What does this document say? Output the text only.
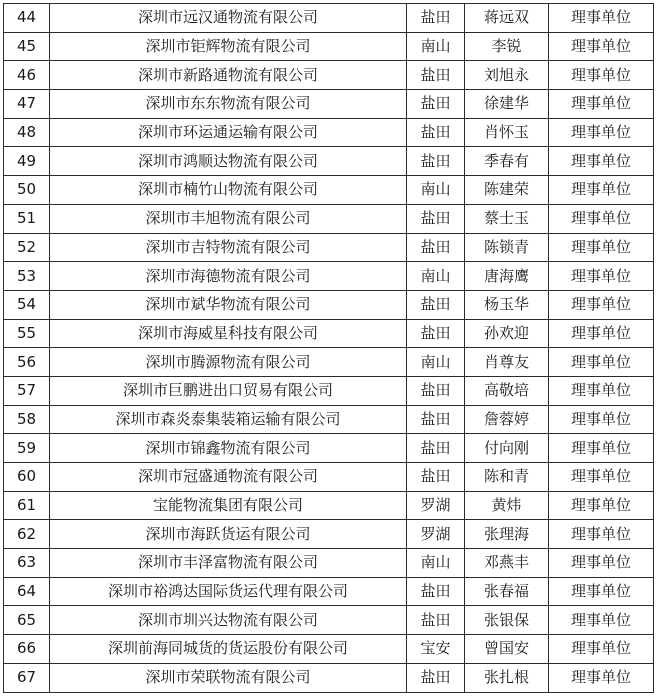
44	深圳市远汉通物流有限公司	盐田	蒋远双	理事单位
45	深圳市钜辉物流有限公司	南山	李锐	理事单位
46	深圳市新路通物流有限公司	盐田	刘旭永	理事单位
47	深圳市东东物流有限公司	盐田	徐建华	理事单位
48	深圳市环运通运输有限公司	盐田	肖怀玉	理事单位
49	深圳市鸿顺达物流有限公司	盐田	季春有	理事单位
50	深圳市楠竹山物流有限公司	南山	陈建荣	理事单位
51	深圳市丰旭物流有限公司	盐田	蔡士玉	理事单位
52	深圳市吉特物流有限公司	盐田	陈锁青	理事单位
53	深圳市海德物流有限公司	南山	唐海鹰	理事单位
54	深圳市斌华物流有限公司	盐田	杨玉华	理事单位
55	深圳市海威星科技有限公司	盐田	孙欢迎	理事单位
56	深圳市腾源物流有限公司	南山	肖尊友	理事单位
57	深圳市巨鹏进出口贸易有限公司	盐田	高敬培	理事单位
58	深圳市森炎泰集装箱运输有限公司	盐田	詹蓉婷	理事单位
59	深圳市锦鑫物流有限公司	盐田	付向刚	理事单位
60	深圳市冠盛通物流有限公司	盐田	陈和青	理事单位
61	宝能物流集团有限公司	罗湖	黄炜	理事单位
62	深圳市海跃货运有限公司	罗湖	张理海	理事单位
63	深圳市丰泽富物流有限公司	南山	邓燕丰	理事单位
64	深圳市裕鸿达国际货运代理有限公司	盐田	张春福	理事单位
65	深圳市圳兴达物流有限公司	盐田	张银保	理事单位
66	深圳前海同城货的货运股份有限公司	宝安	曾国安	理事单位
67	深圳市荣联物流有限公司	盐田	张扎根	理事单位
